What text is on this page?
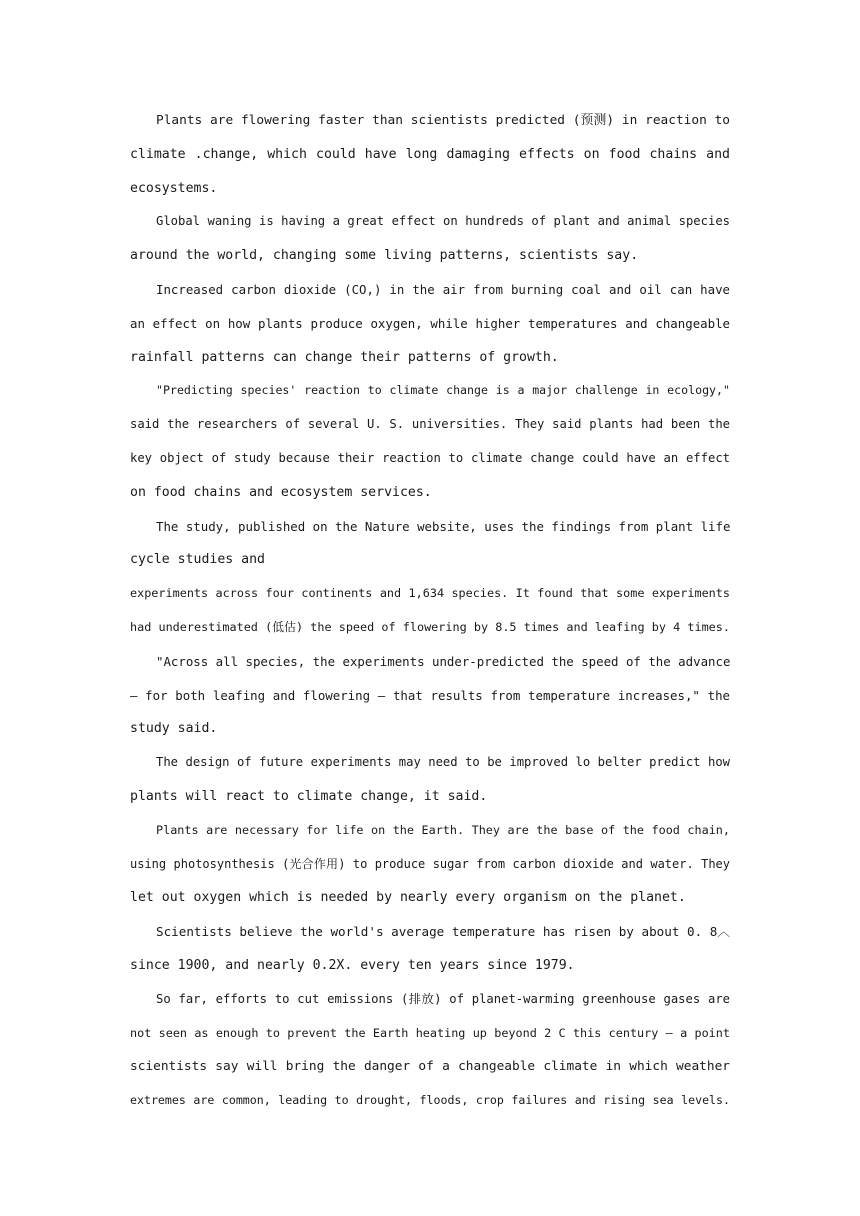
Plants are flowering faster than scientists predicted (预测) in reaction to
climate .change, which could have long damaging effects on food chains and
ecosystems.
Global waning is having a great effect on hundreds of plant and animal species
around the world, changing some living patterns, scientists say.
Increased carbon dioxide (CO,) in the air from burning coal and oil can have
an effect on how plants produce oxygen, while higher temperatures and changeable
rainfall patterns can change their patterns of growth.
"Predicting species' reaction to climate change is a major challenge in ecology,"
said the researchers of several U. S. universities. They said plants had been the
key object of study because their reaction to climate change could have an effect
on food chains and ecosystem services.
The study, published on the Nature website, uses the findings from plant life
cycle studies and
experiments across four continents and 1,634 species. It found that some experiments
had underestimated (低估) the speed of flowering by 8.5 times and leafing by 4 times.
"Across all species, the experiments under-predicted the speed of the advance
— for both leafing and flowering — that results from temperature increases," the
study said.
The design of future experiments may need to be improved lo belter predict how
plants will react to climate change, it said.
Plants are necessary for life on the Earth. They are the base of the food chain,
using photosynthesis (光合作用) to produce sugar from carbon dioxide and water. They
let out oxygen which is needed by nearly every organism on the planet.
Scientists believe the world's average temperature has risen by about 0. 8︿
since 1900, and nearly 0.2X. every ten years since 1979.
So far, efforts to cut emissions (排放) of planet-warming greenhouse gases are
not seen as enough to prevent the Earth heating up beyond 2 C this century — a point
scientists say will bring the danger of a changeable climate in which weather
extremes are common, leading to drought, floods, crop failures and rising sea levels.
